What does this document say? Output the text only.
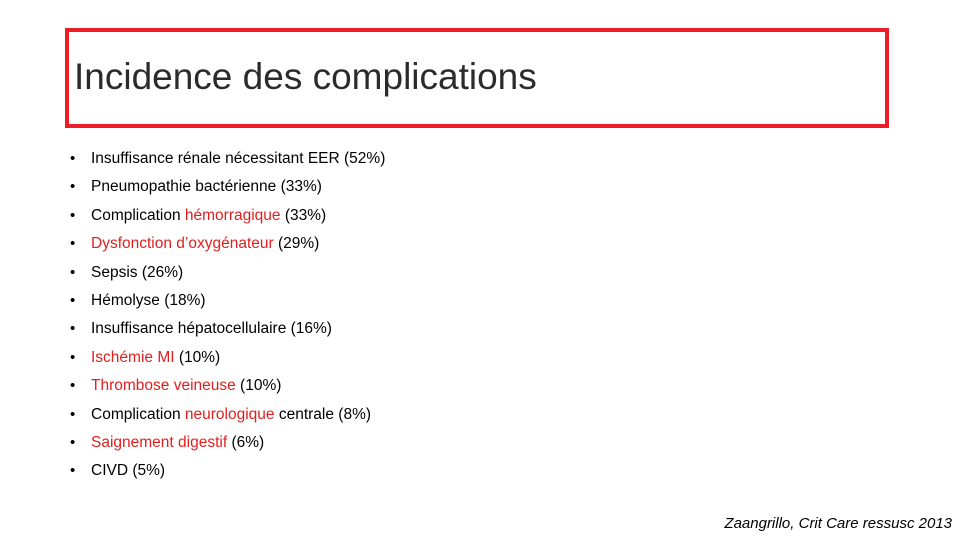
Incidence des complications
•	Insuffisance rénale nécessitant EER (52%)
•	Pneumopathie bactérienne (33%)
•	Complication hémorragique (33%)
•	Dysfonction d’oxygénateur (29%)
•	Sepsis (26%)
•	Hémolyse (18%)
•	Insuffisance hépatocellulaire (16%)
•	Ischémie MI (10%)
•	Thrombose veineuse (10%)
•	Complication neurologique centrale (8%)
•	Saignement digestif (6%)
•	CIVD (5%)
Zaangrillo, Crit Care ressusc 2013
